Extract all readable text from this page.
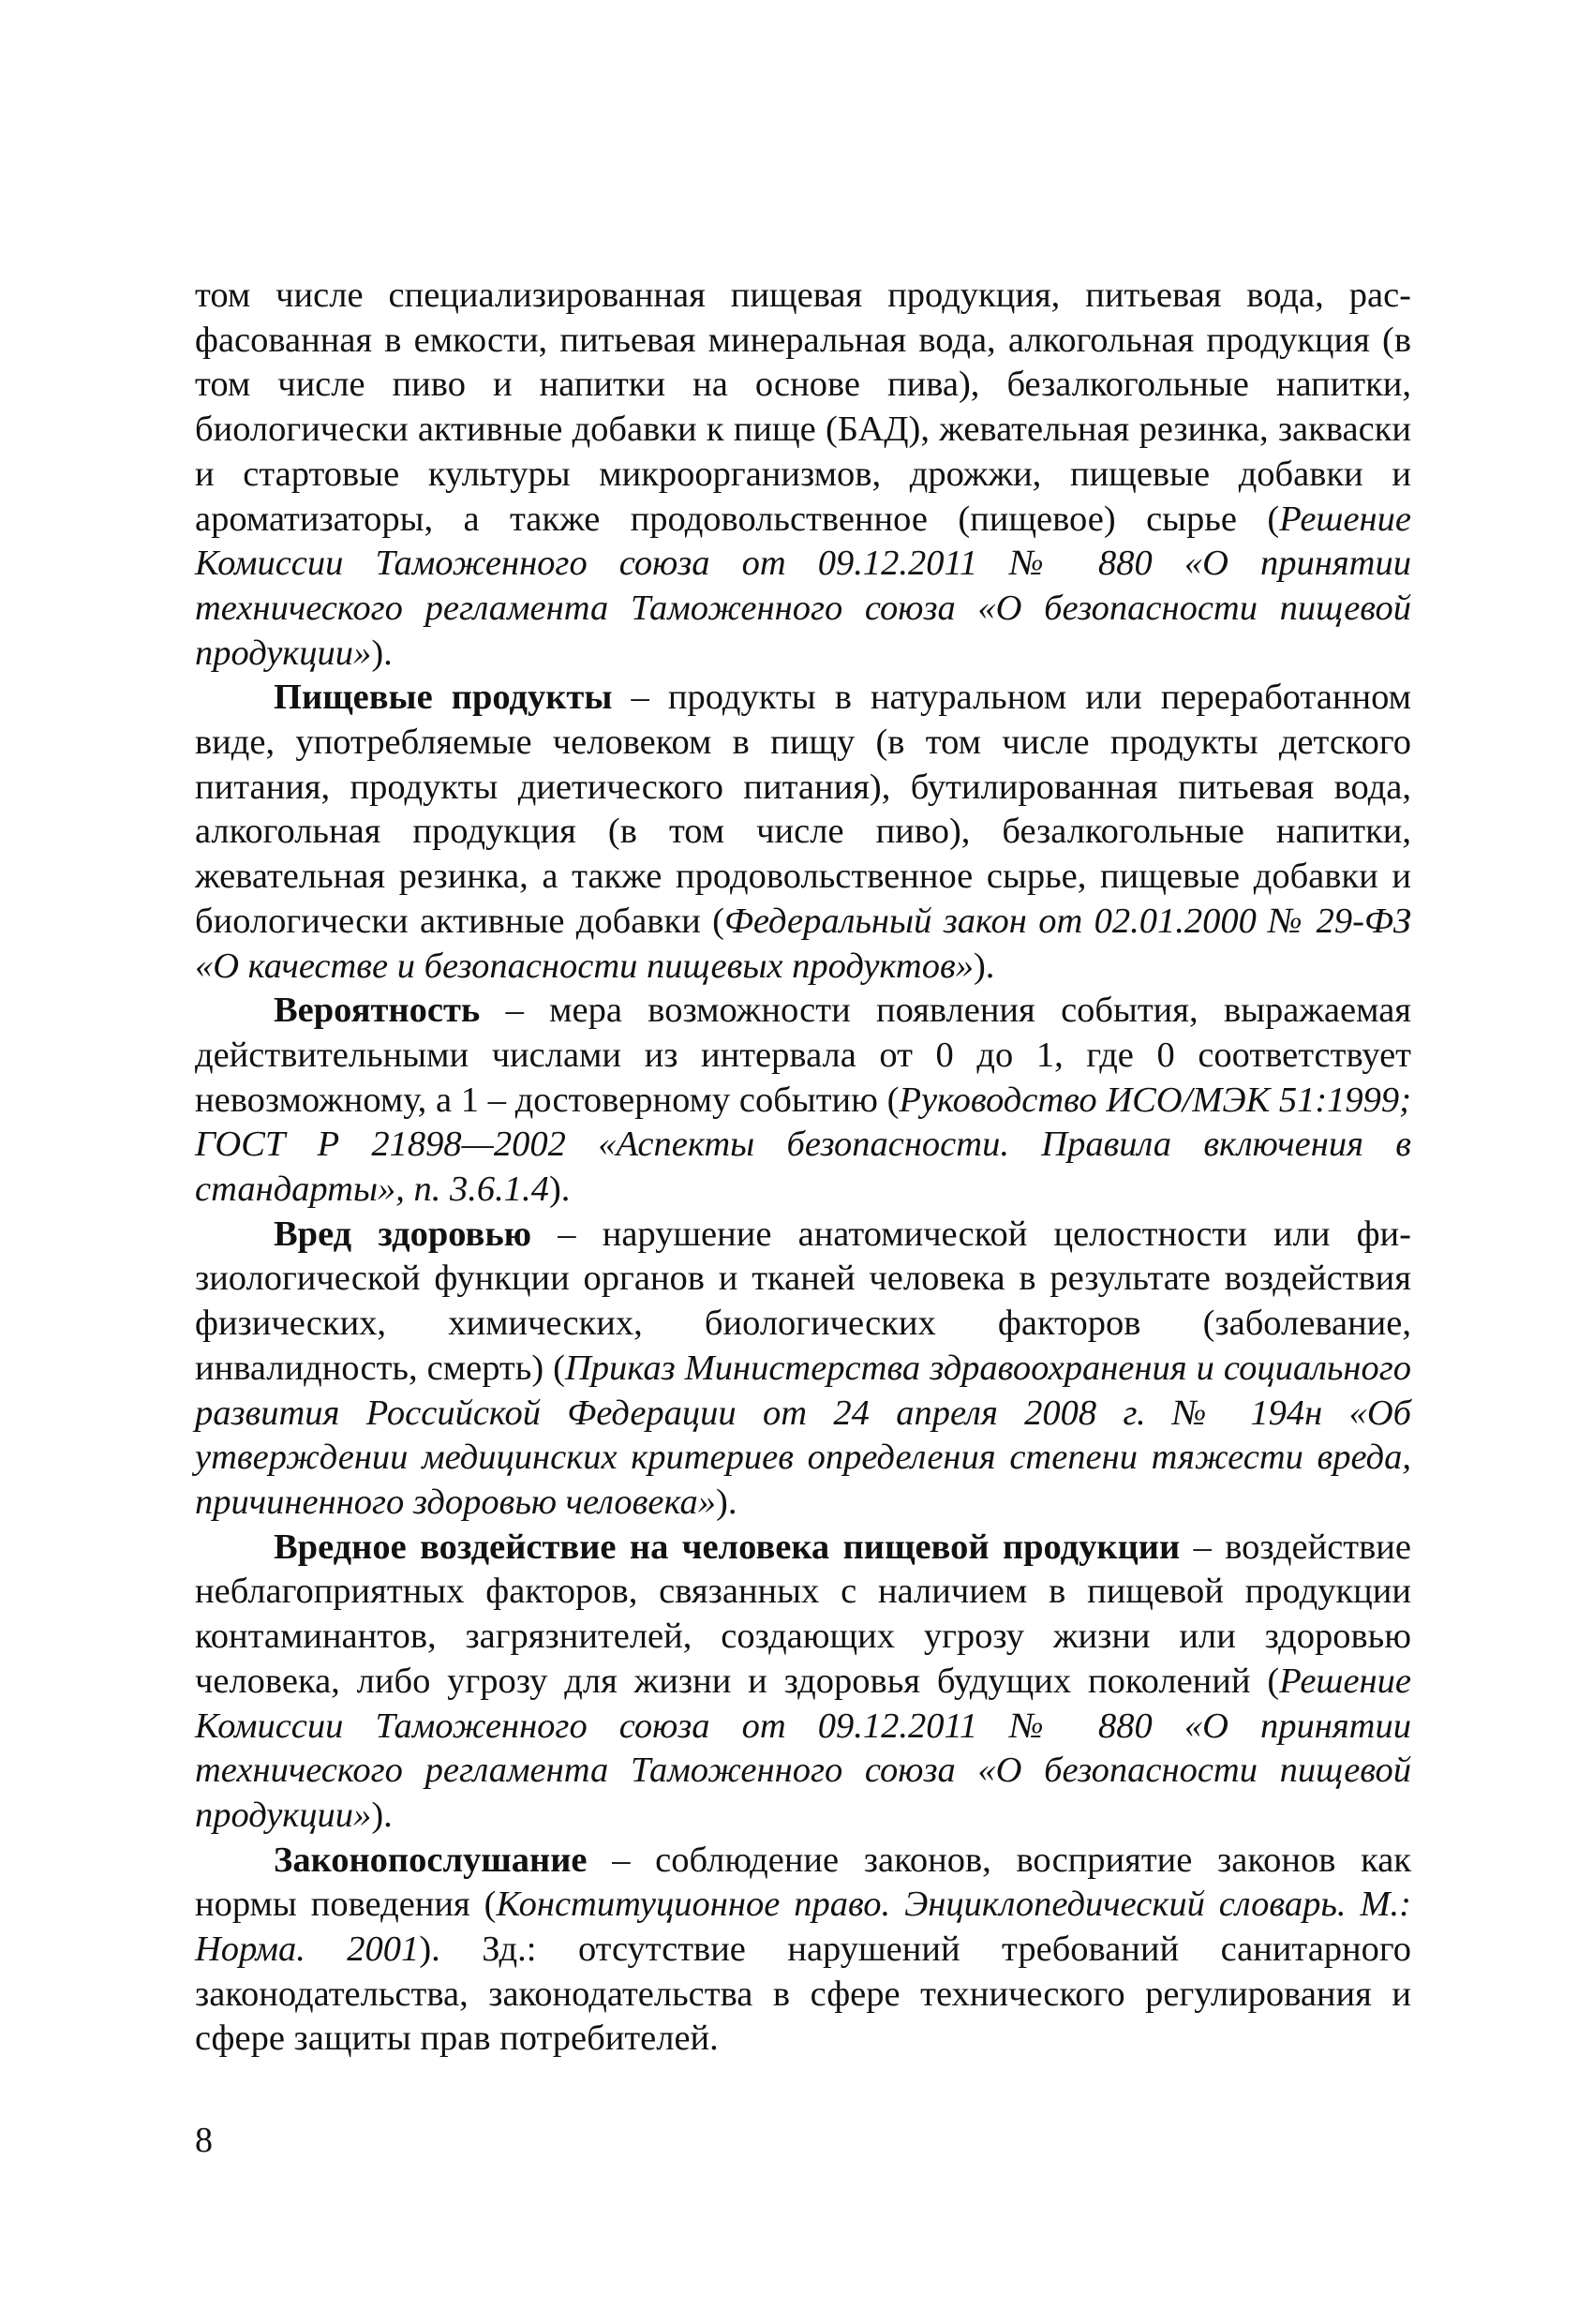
том числе специализированная пищевая продукция, питьевая вода, расфасованная в емкости, питьевая минеральная вода, алкогольная продукция (в том числе пиво и напитки на основе пива), безалкогольные напитки, биологически активные добавки к пище (БАД), жевательная резинка, закваски и стартовые культуры микроорганизмов, дрожжи, пищевые добавки и ароматизаторы, а также продовольственное (пищевое) сырье (Решение Комиссии Таможенного союза от 09.12.2011 № 880 «О принятии технического регламента Таможенного союза «О безопасности пищевой продукции»).

Пищевые продукты – продукты в натуральном или переработанном виде, употребляемые человеком в пищу (в том числе продукты детского питания, продукты диетического питания), бутилированная питьевая вода, алкогольная продукция (в том числе пиво), безалкогольные напитки, жевательная резинка, а также продовольственное сырье, пищевые добавки и биологически активные добавки (Федеральный закон от 02.01.2000 № 29-ФЗ «О качестве и безопасности пищевых продуктов»).

Вероятность – мера возможности появления события, выражаемая действительными числами из интервала от 0 до 1, где 0 соответствует невозможному, а 1 – достоверному событию (Руководство ИСО/МЭК 51:1999; ГОСТ Р 21898—2002 «Аспекты безопасности. Правила включения в стандарты», п. 3.6.1.4).

Вред здоровью – нарушение анатомической целостности или физиологической функции органов и тканей человека в результате воздействия физических, химических, биологических факторов (заболевание, инвалидность, смерть) (Приказ Министерства здравоохранения и социального развития Российской Федерации от 24 апреля 2008 г. № 194н «Об утверждении медицинских критериев определения степени тяжести вреда, причиненного здоровью человека»).

Вредное воздействие на человека пищевой продукции – воздействие неблагоприятных факторов, связанных с наличием в пищевой продукции контаминантов, загрязнителей, создающих угрозу жизни или здоровью человека, либо угрозу для жизни и здоровья будущих поколений (Решение Комиссии Таможенного союза от 09.12.2011 № 880 «О принятии технического регламента Таможенного союза «О безопасности пищевой продукции»).

Законопослушание – соблюдение законов, восприятие законов как нормы поведения (Конституционное право. Энциклопедический словарь. М.: Норма. 2001). Зд.: отсутствие нарушений требований санитарного законодательства, законодательства в сфере технического регулирования и сфере защиты прав потребителей.

8
